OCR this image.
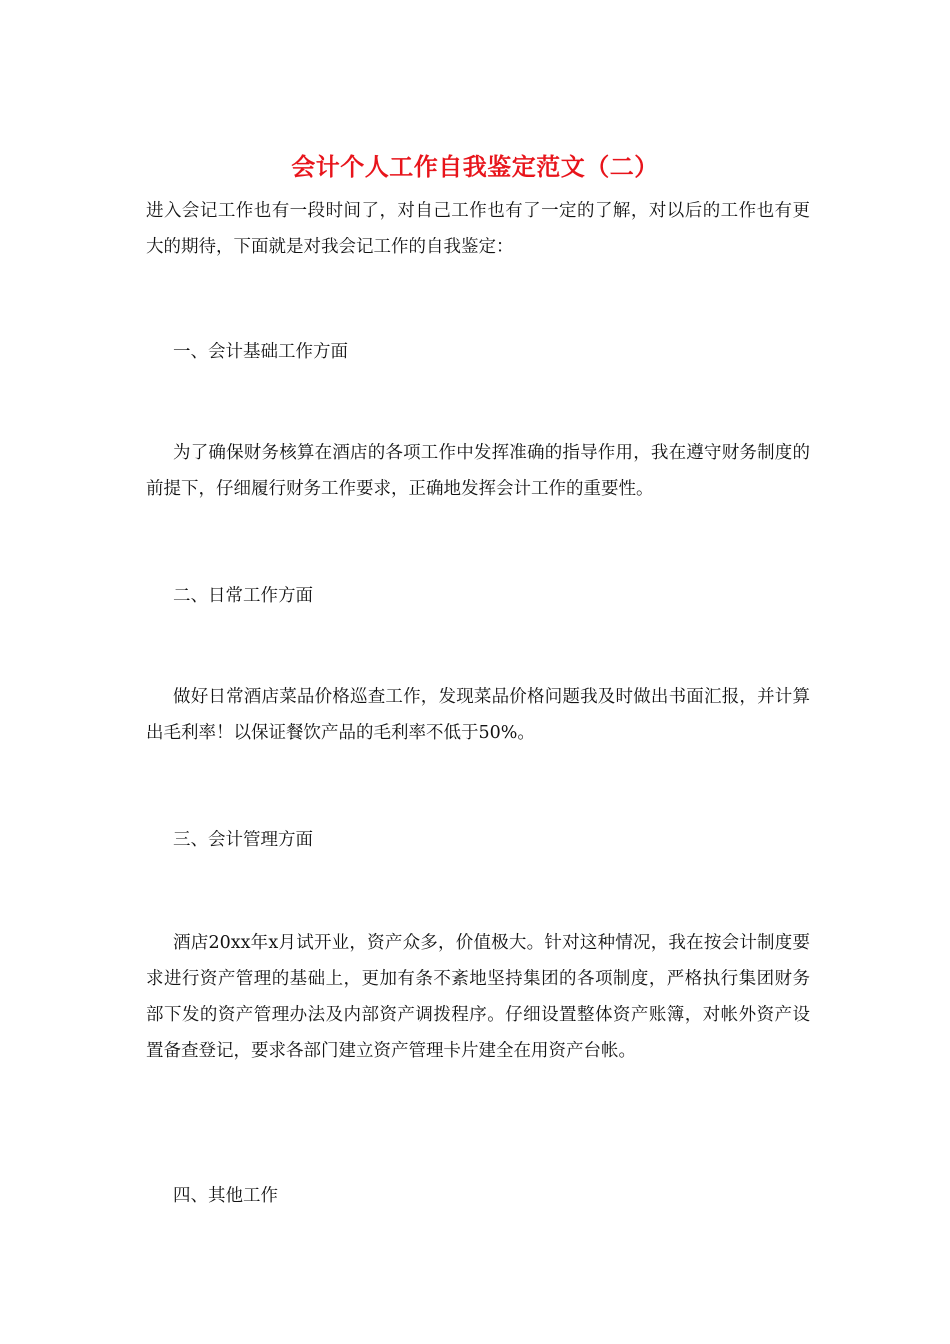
会计个人工作自我鉴定范文（二）

进入会记工作也有一段时间了，对自己工作也有了一定的了解，对以后的工作也有更大的期待，下面就是对我会记工作的自我鉴定：

一、会计基础工作方面

为了确保财务核算在酒店的各项工作中发挥准确的指导作用，我在遵守财务制度的前提下，仔细履行财务工作要求，正确地发挥会计工作的重要性。

二、日常工作方面

做好日常酒店菜品价格巡查工作，发现菜品价格问题我及时做出书面汇报，并计算出毛利率！以保证餐饮产品的毛利率不低于50%。

三、会计管理方面

酒店20xx年x月试开业，资产众多，价值极大。针对这种情况，我在按会计制度要求进行资产管理的基础上，更加有条不紊地坚持集团的各项制度，严格执行集团财务部下发的资产管理办法及内部资产调拨程序。仔细设置整体资产账簿，对帐外资产设置备查登记，要求各部门建立资产管理卡片建全在用资产台帐。

四、其他工作
